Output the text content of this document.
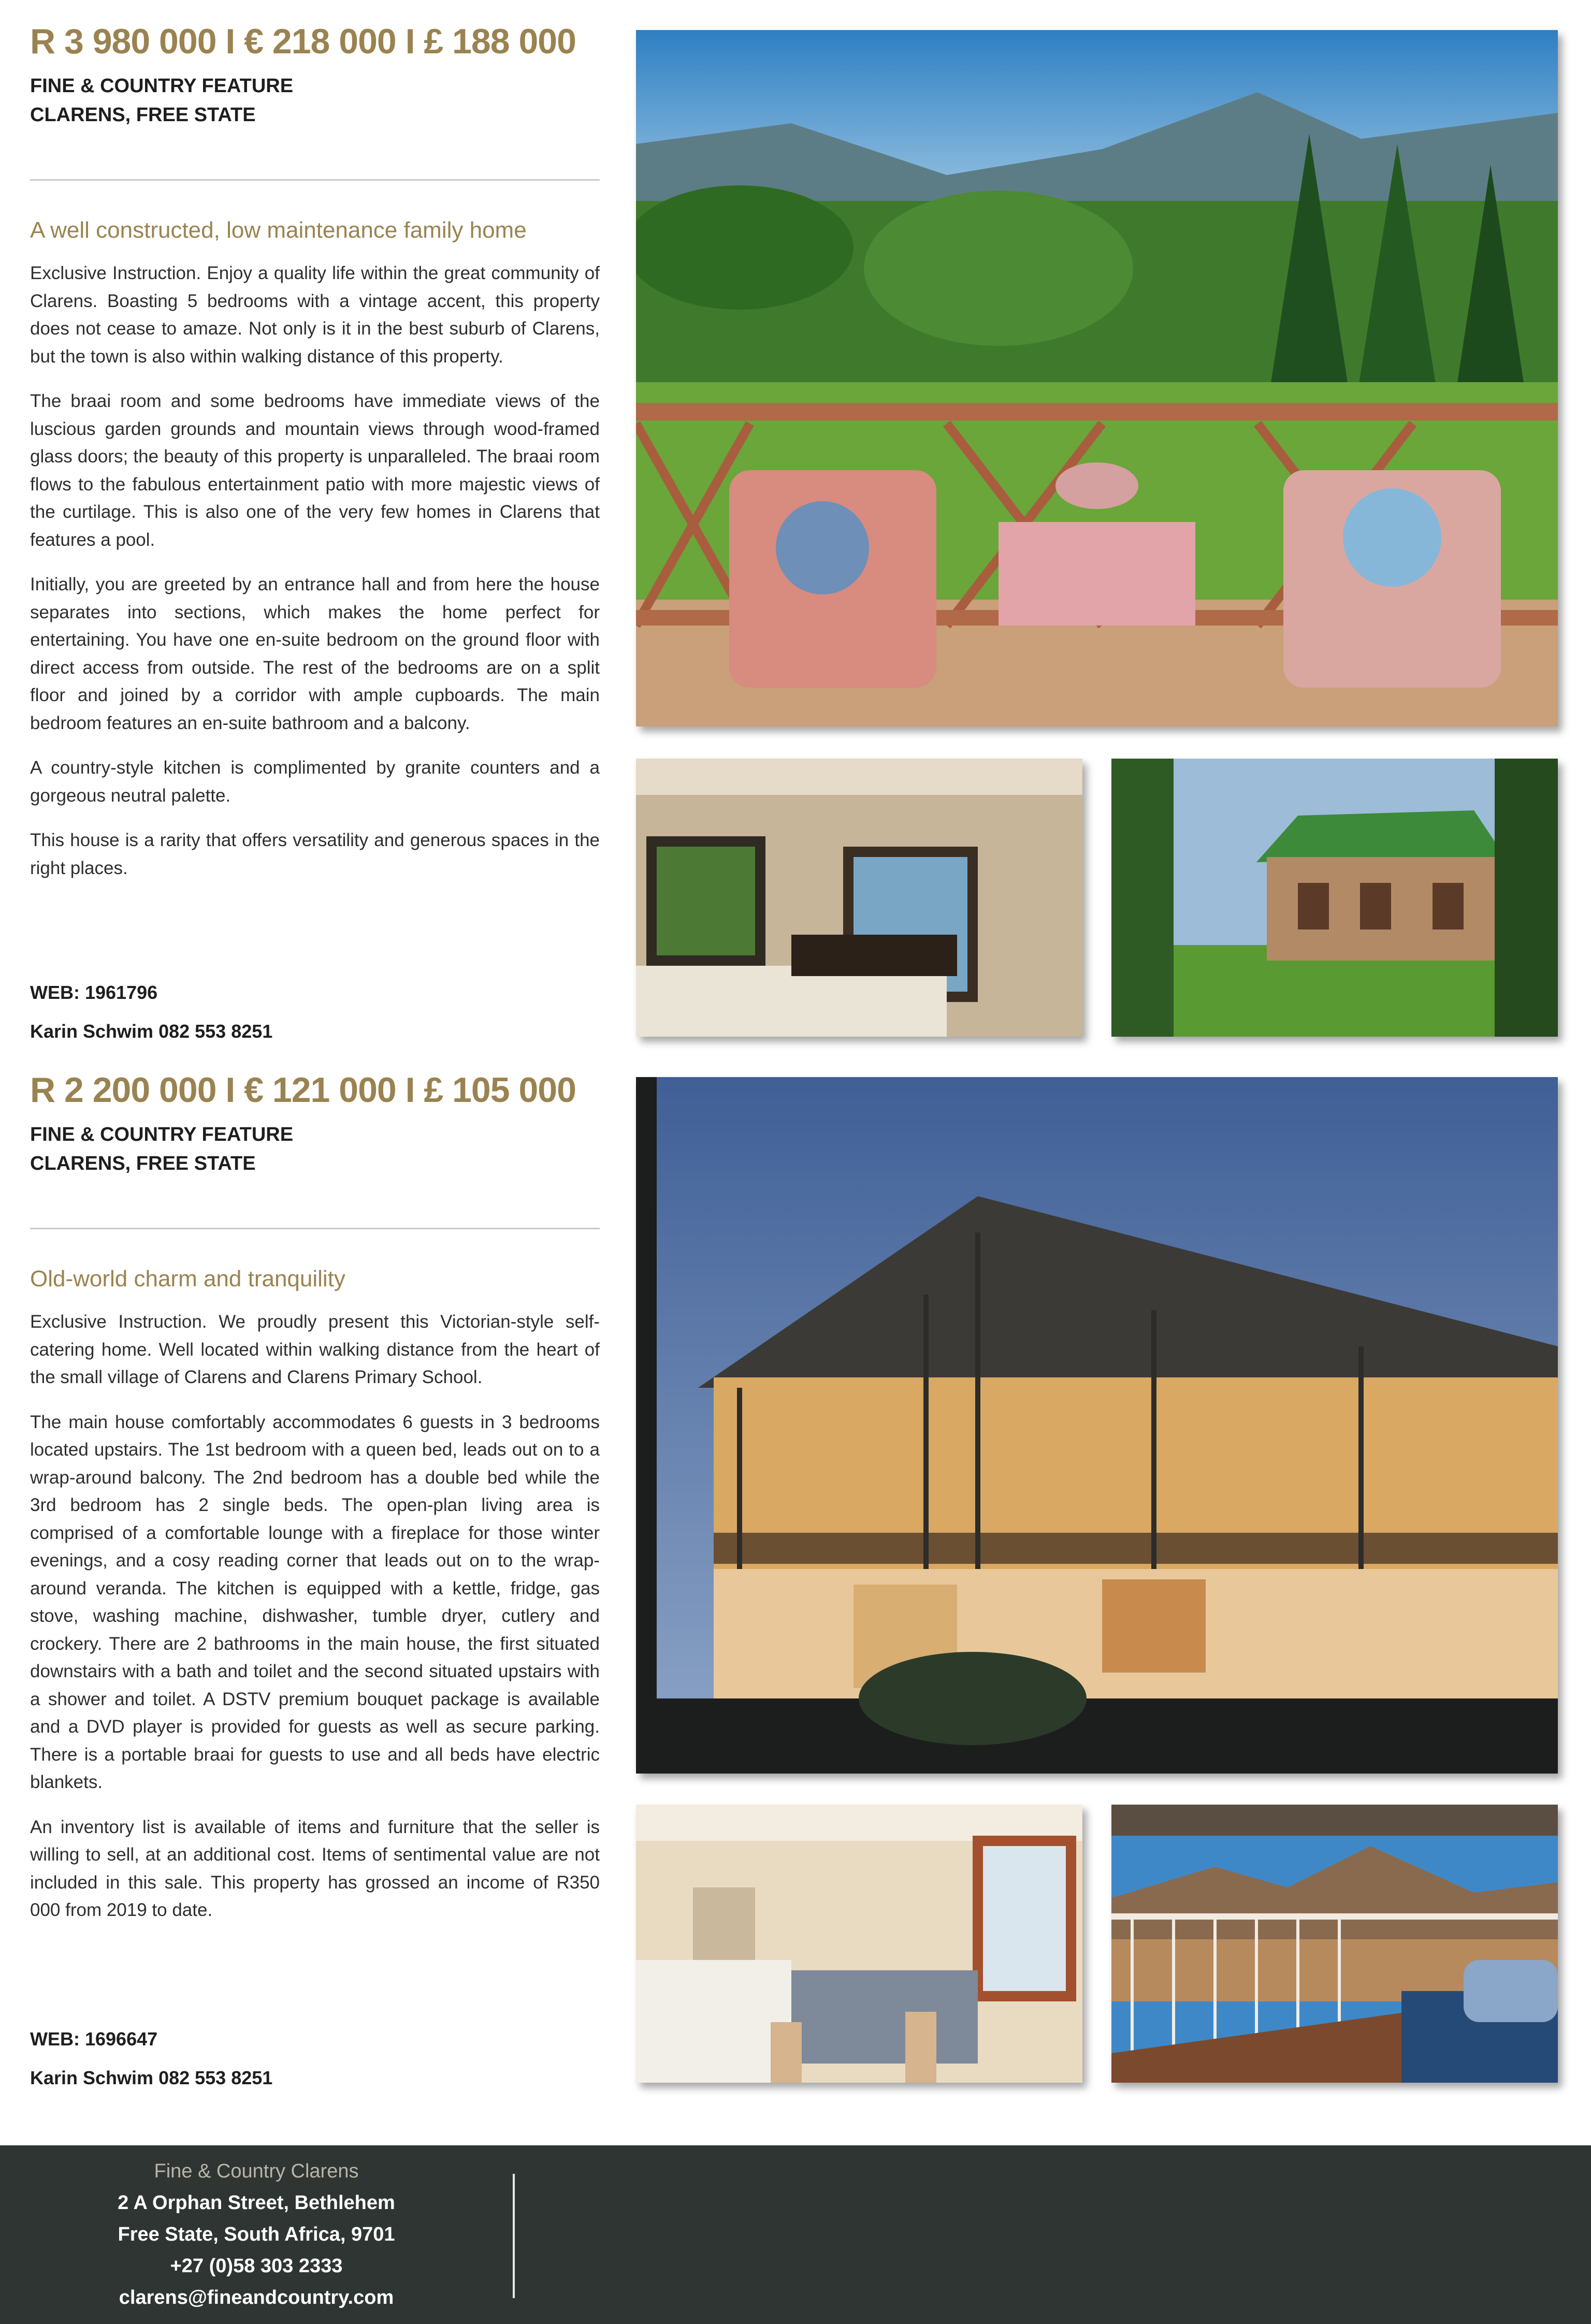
R 3 980 000 I € 218 000 I £ 188 000
FINE & COUNTRY FEATURE
CLARENS, FREE STATE
A well constructed, low maintenance family home
Exclusive Instruction. Enjoy a quality life within the great community of Clarens. Boasting 5 bedrooms with a vintage accent, this property does not cease to amaze. Not only is it in the best suburb of Clarens, but the town is also within walking distance of this property.
The braai room and some bedrooms have immediate views of the luscious garden grounds and mountain views through wood-framed glass doors; the beauty of this property is unparalleled. The braai room flows to the fabulous entertainment patio with more majestic views of the curtilage. This is also one of the very few homes in Clarens that features a pool.
Initially, you are greeted by an entrance hall and from here the house separates into sections, which makes the home perfect for entertaining. You have one en-suite bedroom on the ground floor with direct access from outside. The rest of the bedrooms are on a split floor and joined by a corridor with ample cupboards. The main bedroom features an en-suite bathroom and a balcony.
A country-style kitchen is complimented by granite counters and a gorgeous neutral palette.
This house is a rarity that offers versatility and generous spaces in the right places.
WEB: 1961796
Karin Schwim 082 553 8251
R 2 200 000 I € 121 000 I £ 105 000
FINE & COUNTRY FEATURE
CLARENS, FREE STATE
Old-world charm and tranquility
Exclusive Instruction. We proudly present this Victorian-style self-catering home. Well located within walking distance from the heart of the small village of Clarens and Clarens Primary School.
The main house comfortably accommodates 6 guests in 3 bedrooms located upstairs. The 1st bedroom with a queen bed, leads out on to a wrap-around balcony. The 2nd bedroom has a double bed while the 3rd bedroom has 2 single beds. The open-plan living area is comprised of a comfortable lounge with a fireplace for those winter evenings, and a cosy reading corner that leads out on to the wrap-around veranda. The kitchen is equipped with a kettle, fridge, gas stove, washing machine, dishwasher, tumble dryer, cutlery and crockery. There are 2 bathrooms in the main house, the first situated downstairs with a bath and toilet and the second situated upstairs with a shower and toilet. A DSTV premium bouquet package is available and a DVD player is provided for guests as well as secure parking. There is a portable braai for guests to use and all beds have electric blankets.
An inventory list is available of items and furniture that the seller is willing to sell, at an additional cost. Items of sentimental value are not included in this sale. This property has grossed an income of R350 000 from 2019 to date.
WEB: 1696647
Karin Schwim 082 553 8251
Fine & Country Clarens
2 A Orphan Street, Bethlehem
Free State, South Africa, 9701
+27 (0)58 303 2333
clarens@fineandcountry.com
